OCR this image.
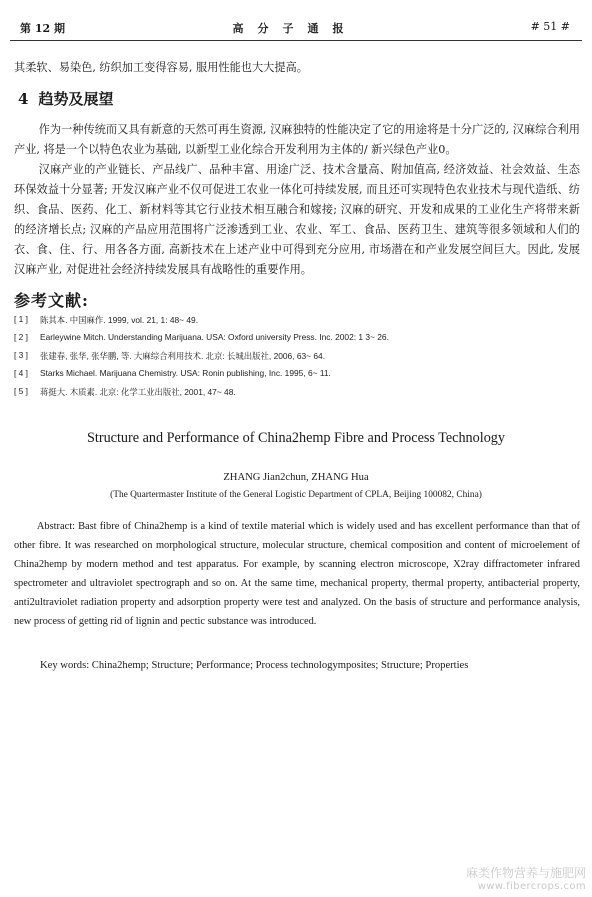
第 12 期	高分子通报	# 51 #
其柔软、易染色, 纺织加工变得容易, 服用性能也大大提高。
4 趋势及展望

作为一种传统而又具有新意的天然可再生资源, 汉麻独特的性能决定了它的用途将是十分广泛的, 汉麻综合利用产业, 将是一个以特色农业为基础, 以新型工业化综合开发利用为主体的/ 新兴绿色产业0。

汉麻产业的产业链长、产品线广、品种丰富、用途广泛、技术含量高、附加值高, 经济效益、社会效益、生态环保效益十分显著; 开发汉麻产业不仅可促进工农业一体化可持续发展, 而且还可实现特色农业技术与现代造纸、纺织、食品、医药、化工、新材料等其它行业技术相互融合和嫁接; 汉麻的研究、开发和成果的工业化生产将带来新的经济增长点; 汉麻的产品应用范围将广泛渗透到工业、农业、军工、食品、医药卫生、建筑等很多领域和人们的衣、食、住、行、用各各方面, 高新技术在上述产业中可得到充分应用, 市场潜在和产业发展空间巨大。因此, 发展汉麻产业, 对促进社会经济持续发展具有战略性的重要作用。

参考文献:
[ 1 ]	陈其本. 中国麻作. 1999, vol. 21, 1: 48~ 49.
[ 2 ]	Earleywine Mitch. Understanding Marijuana. USA: Oxford university Press. Inc. 2002: 1 3~ 26.
[ 3 ]	张建春, 张华, 张华鹏, 等. 大麻综合利用技术. 北京: 长城出版社, 2006, 63~ 64.
[ 4 ]	Starks Michael. Marijuana Chemistry. USA: Ronin publishing, Inc. 1995, 6~ 11.
[ 5 ]	蒋挺大. 木质素. 北京: 化学工业出版社, 2001, 47~ 48.
Structure and Performance of China2hemp Fibre and Process Technology
ZHANG Jian2chun, ZHANG Hua
(The Quartermaster Institute of the General Logistic Department of CPLA, Beijing 100082, China)

Abstract: Bast fibre of China2hemp is a kind of textile material which is widely used and has excellent performance than that of other fibre. It was researched on morphological structure, molecular structure, chemical composition and content of microelement of China2hemp by modern method and test apparatus. For example, by scanning electron microscope, X2ray diffractometer infrared spectrometer and ultraviolet spectrograph and so on. At the same time, mechanical property, thermal property, antibacterial property, anti2ultraviolet radiation property and adsorption property were test and analyzed. On the basis of structure and performance analysis, new process of getting rid of lignin and pectic substance was introduced.

Key words: China2hemp; Structure; Performance; Process technologymposites; Structure; Properties
麻类作物营养与施肥网
www.fibercrops.com
